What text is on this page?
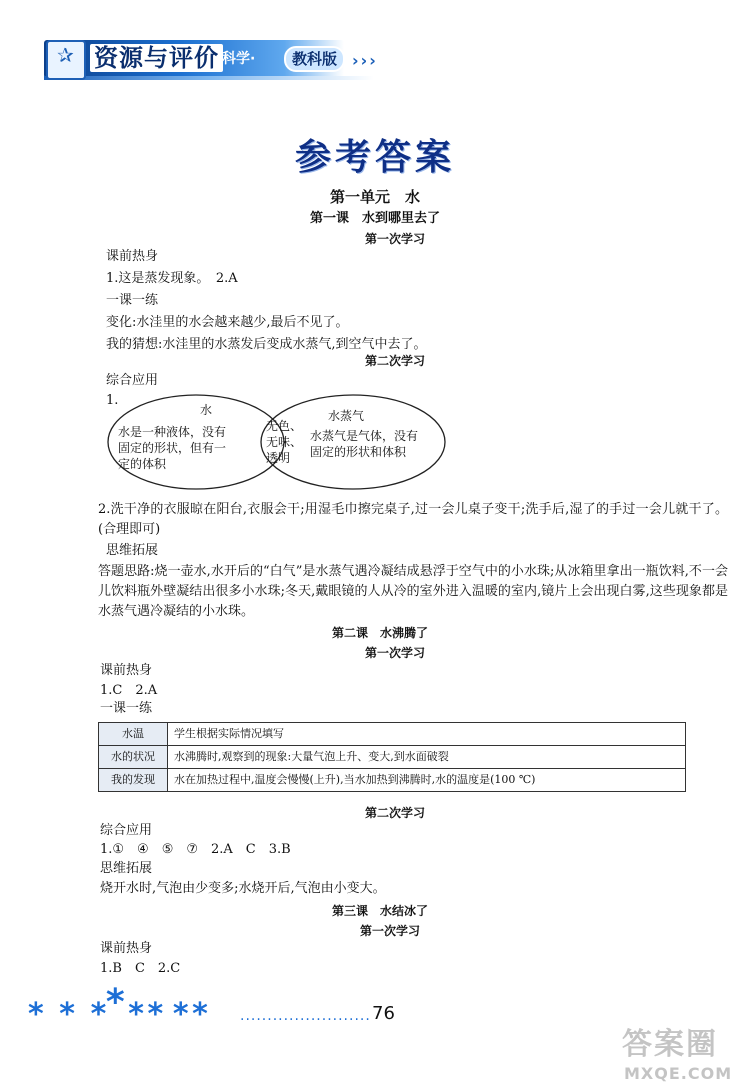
✰ 资源与评价 科学·	教科版 ›››
参考答案
第一单元　水
第一课　水到哪里去了
第一次学习
课前热身
1.这是蒸发现象。　2.A
一课一练
变化:水洼里的水会越来越少,最后不见了。
我的猜想:水洼里的水蒸发后变成水蒸气,到空气中去了。
第二次学习
综合应用
1.
水
水是一种液体，没有
固定的形状，但有一
定的体积
无色、
无味、
透明
水蒸气
水蒸气是气体，没有
固定的形状和体积
2.洗干净的衣服晾在阳台,衣服会干;用湿毛巾擦完桌子,过一会儿桌子变干;洗手后,湿了的手过一会儿就干了。(合理即可)
思维拓展
答题思路:烧一壶水,水开后的“白气”是水蒸气遇冷凝结成悬浮于空气中的小水珠;从冰箱里拿出一瓶饮料,不一会儿饮料瓶外壁凝结出很多小水珠;冬天,戴眼镜的人从冷的室外进入温暖的室内,镜片上会出现白雾,这些现象都是水蒸气遇冷凝结的小水珠。
第二课　水沸腾了
第一次学习
课前热身
1.C　2.A
一课一练
水温	学生根据实际情况填写
水的状况	水沸腾时,观察到的现象:大量气泡上升、变大,到水面破裂
我的发现	水在加热过程中,温度会慢慢(上升),当水加热到沸腾时,水的温度是(100 ℃)
第二次学习
综合应用
1.①　④　⑤　⑦　2.A　C　3.B
思维拓展
烧开水时,气泡由少变多;水烧开后,气泡由小变大。
第三课　水结冰了
第一次学习
课前热身
1.B　C　2.C
* * * * * * * *	........................ 76
答案圈
MXQE.COM
